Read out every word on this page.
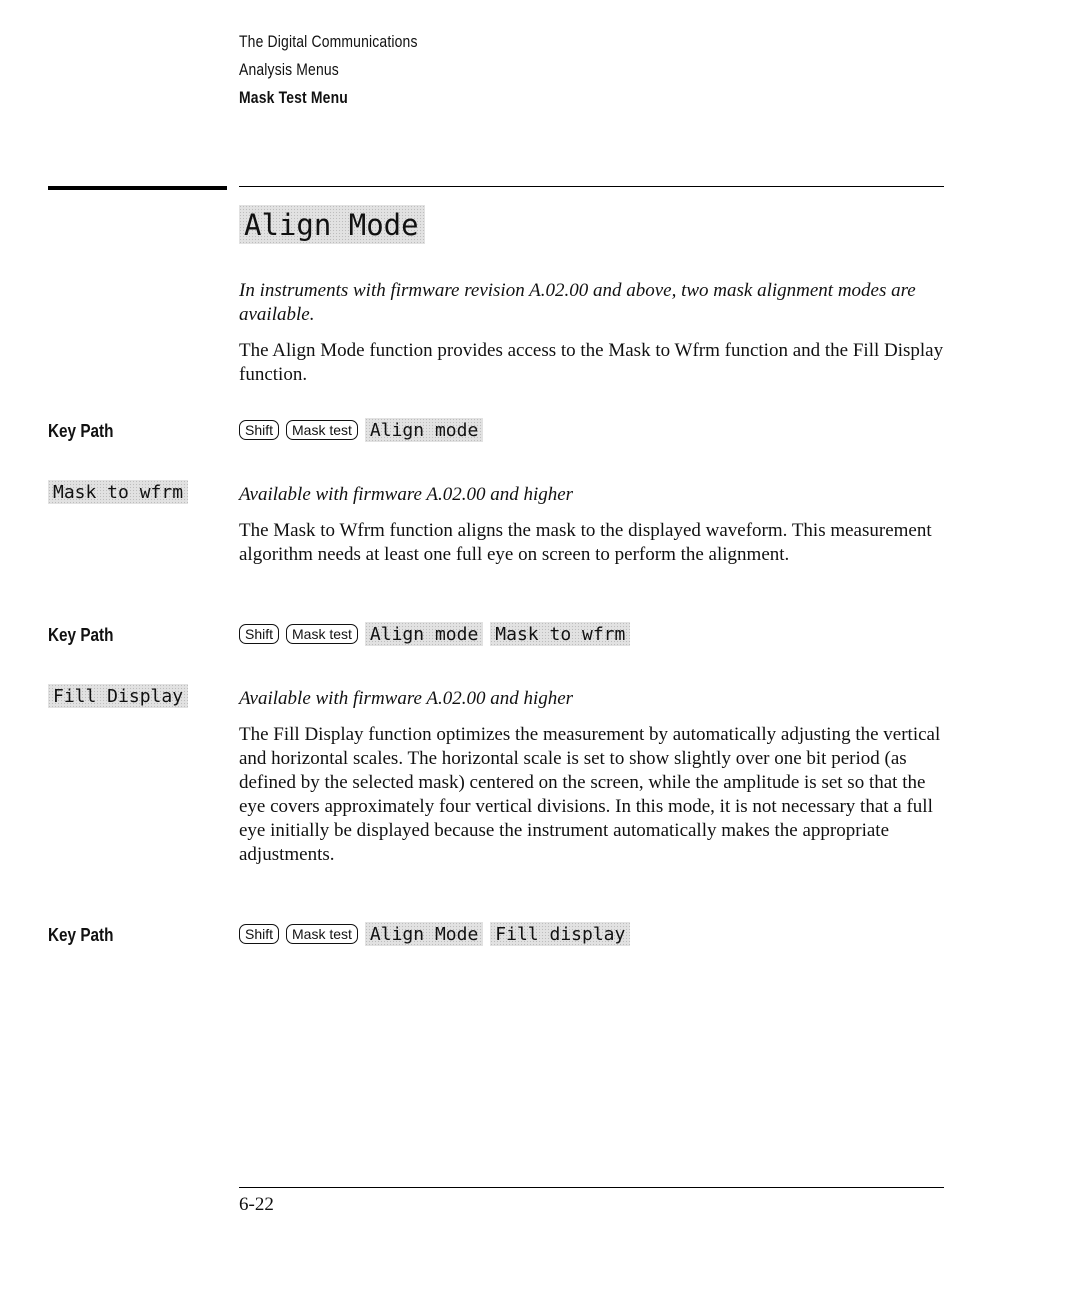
The Digital Communications
Analysis Menus
Mask Test Menu
Align Mode
In instruments with firmware revision A.02.00 and above, two mask alignment modes are available.
The Align Mode function provides access to the Mask to Wfrm function and the Fill Display function.
Key Path	Shift	Mask test	Align mode
Mask to wfrm	Available with firmware A.02.00 and higher
The Mask to Wfrm function aligns the mask to the displayed waveform. This measurement algorithm needs at least one full eye on screen to perform the alignment.
Key Path	Shift	Mask test	Align mode Mask to wfrm
Fill Display	Available with firmware A.02.00 and higher
The Fill Display function optimizes the measurement by automatically adjusting the vertical and horizontal scales. The horizontal scale is set to show slightly over one bit period (as defined by the selected mask) centered on the screen, while the amplitude is set so that the eye covers approximately four vertical divisions. In this mode, it is not necessary that a full eye initially be displayed because the instrument automatically makes the appropriate adjustments.
Key Path	Shift	Mask test	Align Mode Fill display
6-22
